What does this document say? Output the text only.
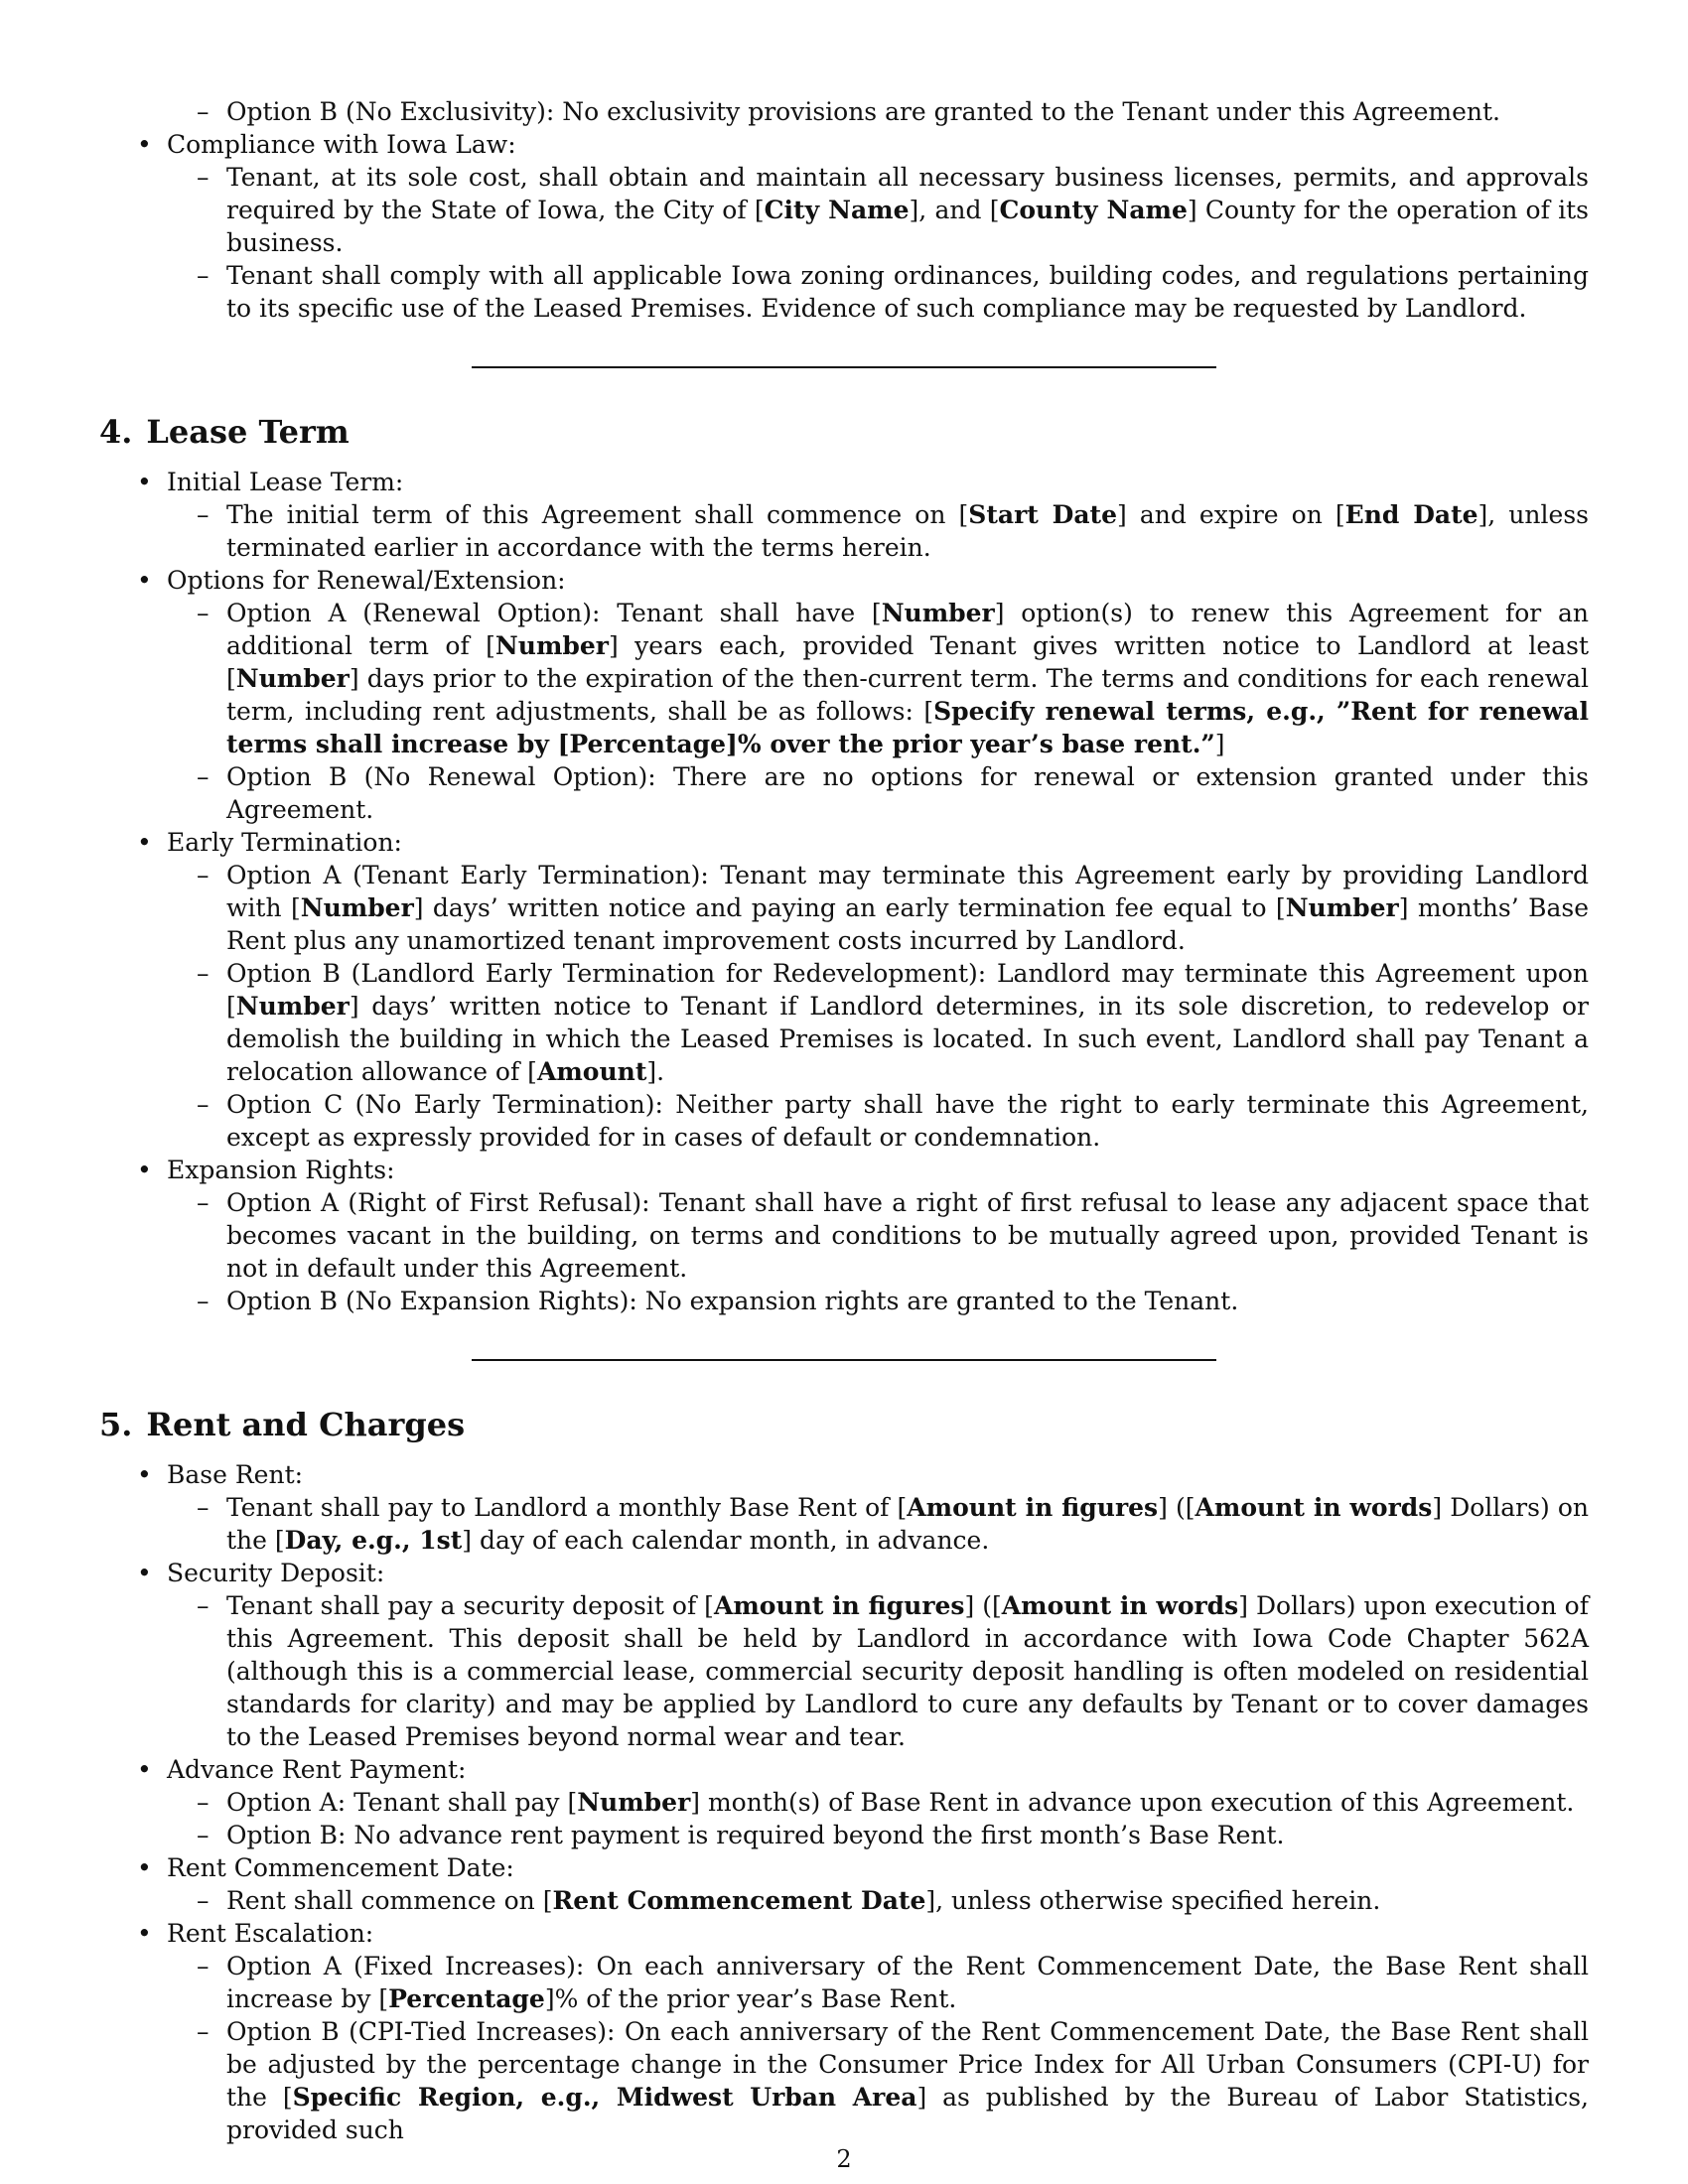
– Option B (No Exclusivity): No exclusivity provisions are granted to the Tenant under this Agreement.
• Compliance with Iowa Law:
– Tenant, at its sole cost, shall obtain and maintain all necessary business licenses, permits, and approvals required by the State of Iowa, the City of [City Name], and [County Name] County for the operation of its business.
– Tenant shall comply with all applicable Iowa zoning ordinances, building codes, and regulations pertaining to its specific use of the Leased Premises. Evidence of such compliance may be requested by Landlord.
4. Lease Term
• Initial Lease Term:
– The initial term of this Agreement shall commence on [Start Date] and expire on [End Date], unless terminated earlier in accordance with the terms herein.
• Options for Renewal/Extension:
– Option A (Renewal Option): Tenant shall have [Number] option(s) to renew this Agreement for an additional term of [Number] years each, provided Tenant gives written notice to Landlord at least [Number] days prior to the expiration of the then-current term. The terms and conditions for each renewal term, including rent adjustments, shall be as follows: [Specify renewal terms, e.g., ”Rent for renewal terms shall increase by [Percentage]% over the prior year’s base rent.”]
– Option B (No Renewal Option): There are no options for renewal or extension granted under this Agreement.
• Early Termination:
– Option A (Tenant Early Termination): Tenant may terminate this Agreement early by providing Landlord with [Number] days’ written notice and paying an early termination fee equal to [Number] months’ Base Rent plus any unamortized tenant improvement costs incurred by Landlord.
– Option B (Landlord Early Termination for Redevelopment): Landlord may terminate this Agreement upon [Number] days’ written notice to Tenant if Landlord determines, in its sole discretion, to redevelop or demolish the building in which the Leased Premises is located. In such event, Landlord shall pay Tenant a relocation allowance of [Amount].
– Option C (No Early Termination): Neither party shall have the right to early terminate this Agreement, except as expressly provided for in cases of default or condemnation.
• Expansion Rights:
– Option A (Right of First Refusal): Tenant shall have a right of first refusal to lease any adjacent space that becomes vacant in the building, on terms and conditions to be mutually agreed upon, provided Tenant is not in default under this Agreement.
– Option B (No Expansion Rights): No expansion rights are granted to the Tenant.
5. Rent and Charges
• Base Rent:
– Tenant shall pay to Landlord a monthly Base Rent of [Amount in figures] ([Amount in words] Dollars) on the [Day, e.g., 1st] day of each calendar month, in advance.
• Security Deposit:
– Tenant shall pay a security deposit of [Amount in figures] ([Amount in words] Dollars) upon execution of this Agreement. This deposit shall be held by Landlord in accordance with Iowa Code Chapter 562A (although this is a commercial lease, commercial security deposit handling is often modeled on residential standards for clarity) and may be applied by Landlord to cure any defaults by Tenant or to cover damages to the Leased Premises beyond normal wear and tear.
• Advance Rent Payment:
– Option A: Tenant shall pay [Number] month(s) of Base Rent in advance upon execution of this Agreement.
– Option B: No advance rent payment is required beyond the first month’s Base Rent.
• Rent Commencement Date:
– Rent shall commence on [Rent Commencement Date], unless otherwise specified herein.
• Rent Escalation:
– Option A (Fixed Increases): On each anniversary of the Rent Commencement Date, the Base Rent shall increase by [Percentage]% of the prior year’s Base Rent.
– Option B (CPI-Tied Increases): On each anniversary of the Rent Commencement Date, the Base Rent shall be adjusted by the percentage change in the Consumer Price Index for All Urban Consumers (CPI-U) for the [Specific Region, e.g., Midwest Urban Area] as published by the Bureau of Labor Statistics, provided such
2
